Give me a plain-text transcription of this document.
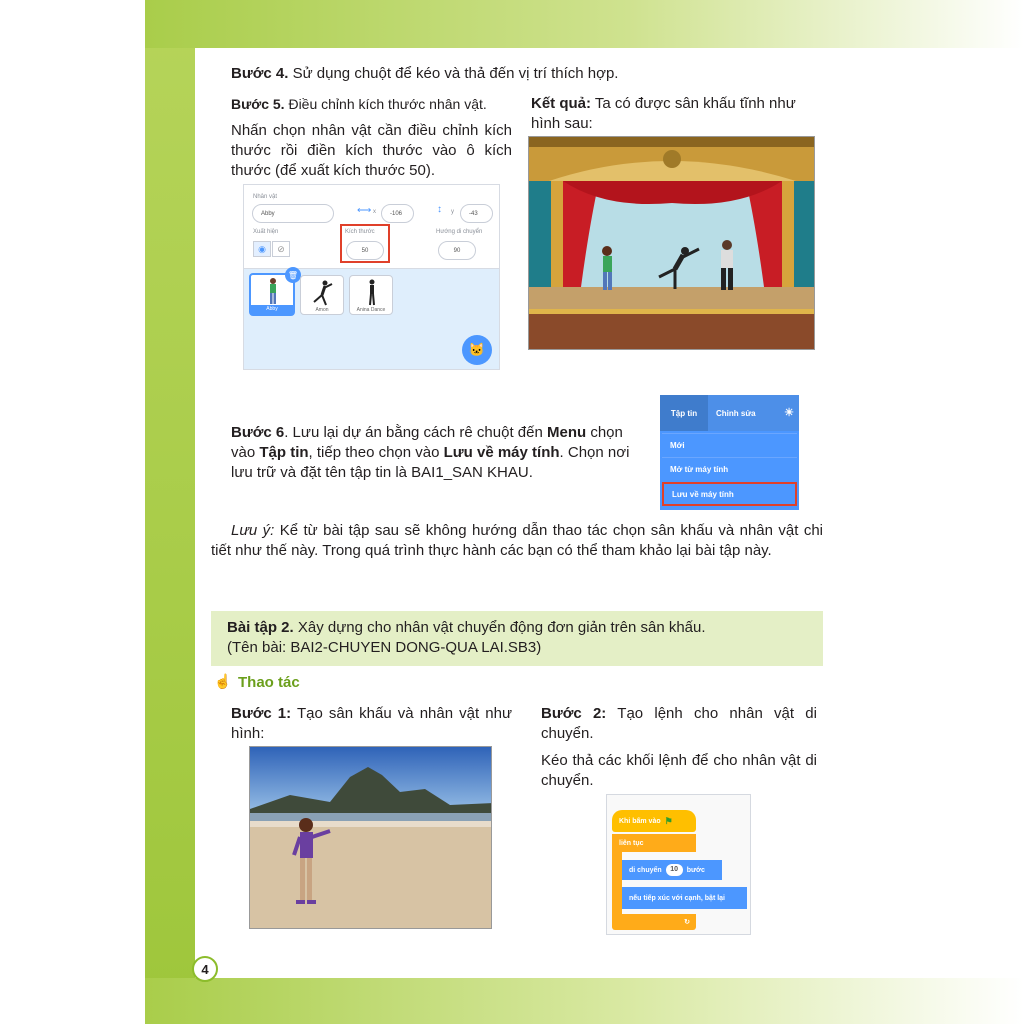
Bước 4. Sử dụng chuột để kéo và thả đến vị trí thích hợp.
Bước 5. Điều chỉnh kích thước nhân vật.
Nhấn chọn nhân vật cần điều chỉnh kích thước rồi điền kích thước vào ô kích thước (để xuất kích thước 50).
Kết quả: Ta có được sân khấu tĩnh như hình sau:
Nhân vật
Abby	⟷ x	-106	↕ y	-43
Xuất hiện
◉	⊘
Kích thước
50
Hướng di chuyển
90
Abby
🗑
Amon	Anina Dance
🐱
Bước 6. Lưu lại dự án bằng cách rê chuột đến Menu chọn vào Tập tin, tiếp theo chọn vào Lưu về máy tính. Chọn nơi lưu trữ và đặt tên tập tin là BAI1_SAN KHAU.
Tập tin	Chỉnh sửa	☀
Mới
Mở từ máy tính
Lưu về máy tính
Lưu ý: Kể từ bài tập sau sẽ không hướng dẫn thao tác chọn sân khấu và nhân vật chi tiết như thế này. Trong quá trình thực hành các bạn có thể tham khảo lại bài tập này.
Bài tập 2. Xây dựng cho nhân vật chuyển động đơn giản trên sân khấu.
(Tên bài: BAI2-CHUYEN DONG-QUA LAI.SB3)
☝ Thao tác
Bước 1: Tạo sân khấu và nhân vật như hình:
Bước 2: Tạo lệnh cho nhân vật di chuyển.
Kéo thả các khối lệnh để cho nhân vật di chuyển.
Khi bấm vào ⚑
liên tục
di chuyển	10	bước
nếu tiếp xúc với cạnh, bật lại
↻
4
